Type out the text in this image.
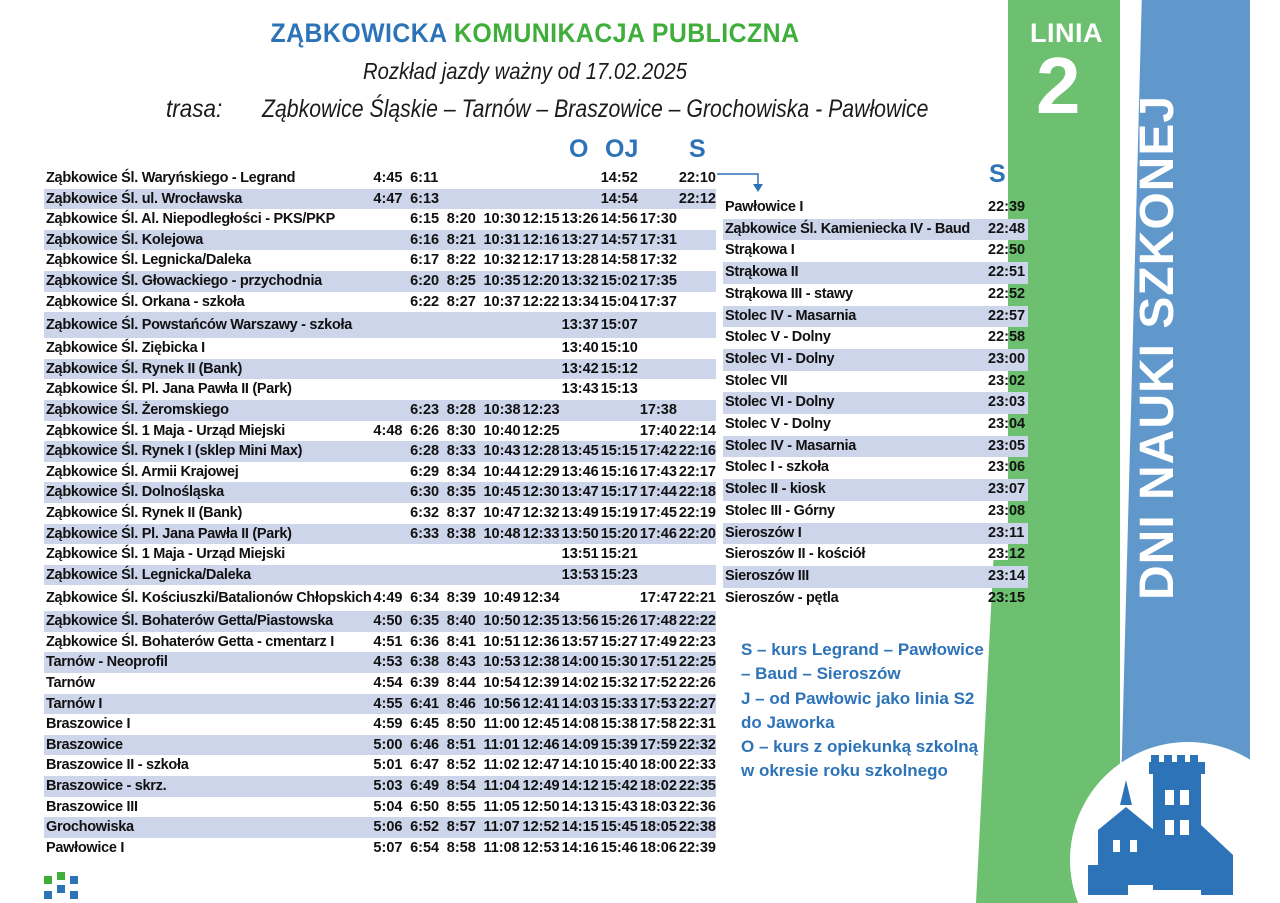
LINIA
2
DNI NAUKI SZKONEJ
ZĄBKOWICKA KOMUNIKACJA PUBLICZNA
Rozkład jazdy ważny od 17.02.2025
trasa: Ząbkowice Śląskie – Tarnów – Braszowice – Grochowiska - Pawłowice
O OJ S
S
Ząbkowice Śl. Waryńskiego - Legrand	4:45	6:11					14:52		22:10
Ząbkowice Śl. ul. Wrocławska	4:47	6:13					14:54		22:12
Ząbkowice Śl. Al. Niepodległości - PKS/PKP		6:15	8:20	10:30	12:15	13:26	14:56	17:30	
Ząbkowice Śl. Kolejowa		6:16	8:21	10:31	12:16	13:27	14:57	17:31	
Ząbkowice Śl. Legnicka/Daleka		6:17	8:22	10:32	12:17	13:28	14:58	17:32	
Ząbkowice Śl. Głowackiego - przychodnia		6:20	8:25	10:35	12:20	13:32	15:02	17:35	
Ząbkowice Śl. Orkana - szkoła		6:22	8:27	10:37	12:22	13:34	15:04	17:37	
Ząbkowice Śl. Powstańców Warszawy - szkoła						13:37	15:07		
Ząbkowice Śl. Ziębicka I						13:40	15:10		
Ząbkowice Śl. Rynek II (Bank)						13:42	15:12		
Ząbkowice Śl. Pl. Jana Pawła II (Park)						13:43	15:13		
Ząbkowice Śl. Żeromskiego		6:23	8:28	10:38	12:23			17:38	
Ząbkowice Śl. 1 Maja - Urząd Miejski	4:48	6:26	8:30	10:40	12:25			17:40	22:14
Ząbkowice Śl. Rynek I (sklep Mini Max)		6:28	8:33	10:43	12:28	13:45	15:15	17:42	22:16
Ząbkowice Śl. Armii Krajowej		6:29	8:34	10:44	12:29	13:46	15:16	17:43	22:17
Ząbkowice Śl. Dolnośląska		6:30	8:35	10:45	12:30	13:47	15:17	17:44	22:18
Ząbkowice Śl. Rynek II (Bank)		6:32	8:37	10:47	12:32	13:49	15:19	17:45	22:19
Ząbkowice Śl. Pl. Jana Pawła II (Park)		6:33	8:38	10:48	12:33	13:50	15:20	17:46	22:20
Ząbkowice Śl. 1 Maja - Urząd Miejski						13:51	15:21		
Ząbkowice Śl. Legnicka/Daleka						13:53	15:23		
Ząbkowice Śl. Kościuszki/Batalionów Chłopskich	4:49	6:34	8:39	10:49	12:34			17:47	22:21
Ząbkowice Śl. Bohaterów Getta/Piastowska	4:50	6:35	8:40	10:50	12:35	13:56	15:26	17:48	22:22
Ząbkowice Śl. Bohaterów Getta - cmentarz I	4:51	6:36	8:41	10:51	12:36	13:57	15:27	17:49	22:23
Tarnów - Neoprofil	4:53	6:38	8:43	10:53	12:38	14:00	15:30	17:51	22:25
Tarnów	4:54	6:39	8:44	10:54	12:39	14:02	15:32	17:52	22:26
Tarnów I	4:55	6:41	8:46	10:56	12:41	14:03	15:33	17:53	22:27
Braszowice I	4:59	6:45	8:50	11:00	12:45	14:08	15:38	17:58	22:31
Braszowice	5:00	6:46	8:51	11:01	12:46	14:09	15:39	17:59	22:32
Braszowice II - szkoła	5:01	6:47	8:52	11:02	12:47	14:10	15:40	18:00	22:33
Braszowice - skrz.	5:03	6:49	8:54	11:04	12:49	14:12	15:42	18:02	22:35
Braszowice III	5:04	6:50	8:55	11:05	12:50	14:13	15:43	18:03	22:36
Grochowiska	5:06	6:52	8:57	11:07	12:52	14:15	15:45	18:05	22:38
Pawłowice I	5:07	6:54	8:58	11:08	12:53	14:16	15:46	18:06	22:39
Pawłowice I	22:39
Ząbkowice Śl. Kamieniecka IV - Baud	22:48
Strąkowa I	22:50
Strąkowa II	22:51
Strąkowa III - stawy	22:52
Stolec IV - Masarnia	22:57
Stolec V - Dolny	22:58
Stolec VI - Dolny	23:00
Stolec VII	23:02
Stolec VI - Dolny	23:03
Stolec V - Dolny	23:04
Stolec IV - Masarnia	23:05
Stolec I - szkoła	23:06
Stolec II - kiosk	23:07
Stolec III - Górny	23:08
Sieroszów I	23:11
Sieroszów II - kościół	23:12
Sieroszów III	23:14
Sieroszów - pętla	23:15
S – kurs Legrand – Pawłowice
– Baud – Sieroszów
J – od Pawłowic jako linia S2
do Jaworka
O – kurs z opiekunką szkolną
w okresie roku szkolnego
